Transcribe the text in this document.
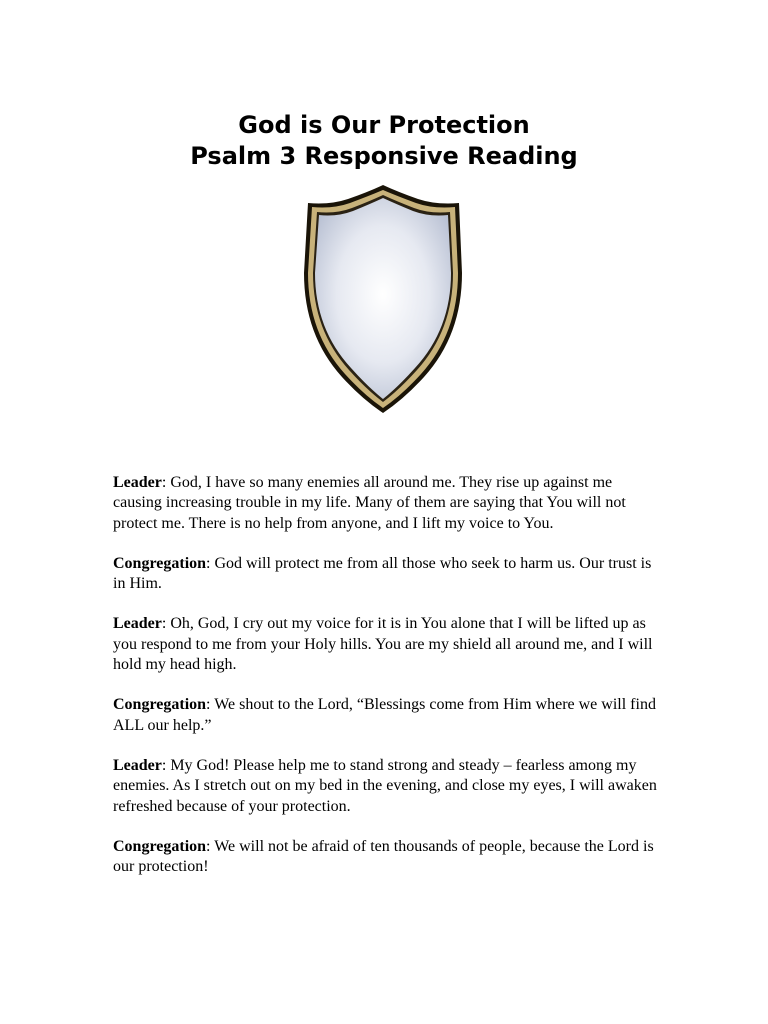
God is Our Protection
Psalm 3 Responsive Reading

Leader: God, I have so many enemies all around me. They rise up against me causing increasing trouble in my life. Many of them are saying that You will not protect me. There is no help from anyone, and I lift my voice to You.

Congregation: God will protect me from all those who seek to harm us. Our trust is in Him.

Leader: Oh, God, I cry out my voice for it is in You alone that I will be lifted up as you respond to me from your Holy hills. You are my shield all around me, and I will hold my head high.

Congregation: We shout to the Lord, “Blessings come from Him where we will find ALL our help.”

Leader: My God! Please help me to stand strong and steady – fearless among my enemies. As I stretch out on my bed in the evening, and close my eyes, I will awaken refreshed because of your protection.

Congregation: We will not be afraid of ten thousands of people, because the Lord is our protection!
